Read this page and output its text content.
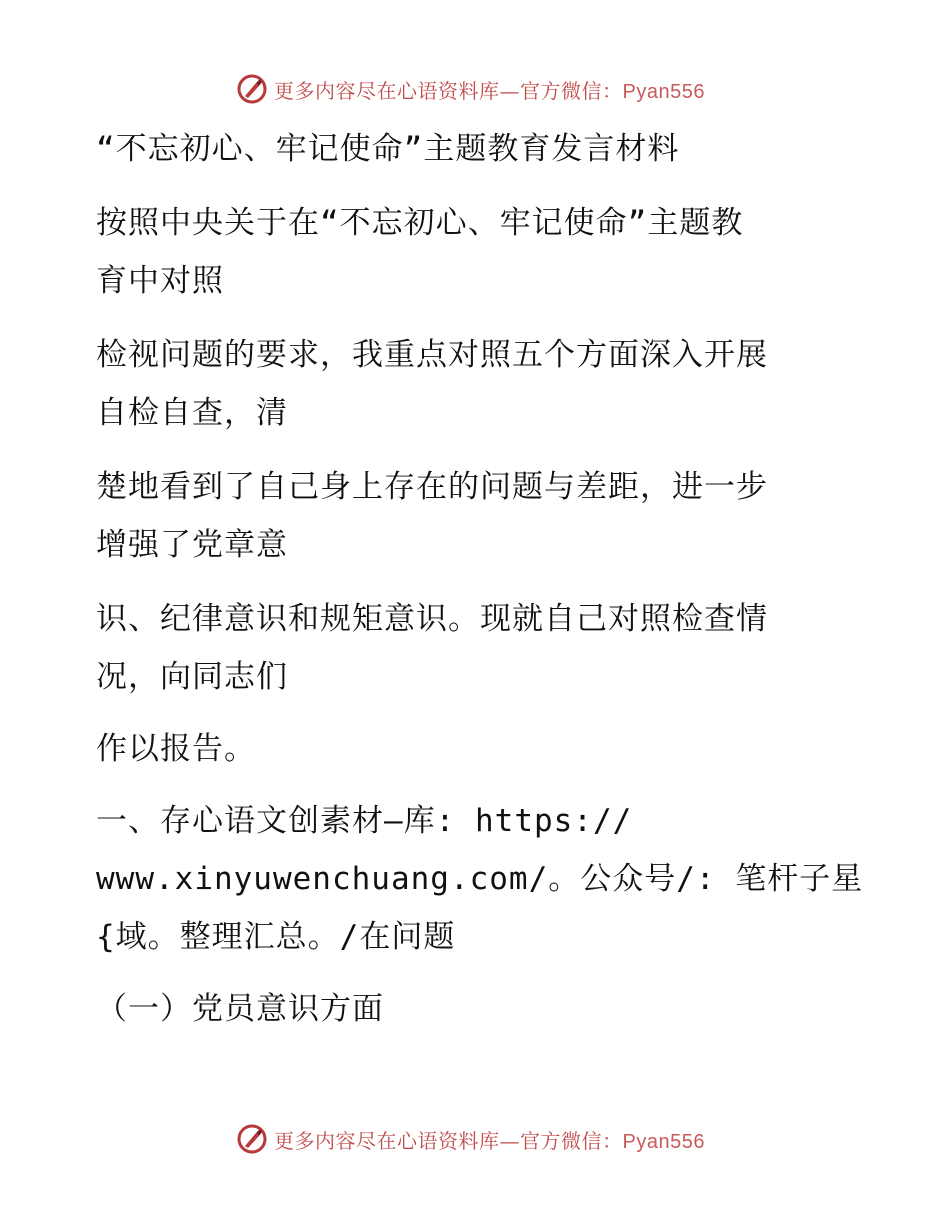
更多内容尽在心语资料库—官方微信：Pyan556
“不忘初心、牢记使命”主题教育发言材料
按照中央关于在“不忘初心、牢记使命”主题教
育中对照
检视问题的要求，我重点对照五个方面深入开展
自检自查，清
楚地看到了自己身上存在的问题与差距，进一步
增强了党章意
识、纪律意识和规矩意识。现就自己对照检查情
况，向同志们
作以报告。
一、存心语文创素材—库: https://
www.xinyuwenchuang.com/。公众号/: 笔杆子星
{域。整理汇总。/在问题
（一）党员意识方面
更多内容尽在心语资料库—官方微信：Pyan556
